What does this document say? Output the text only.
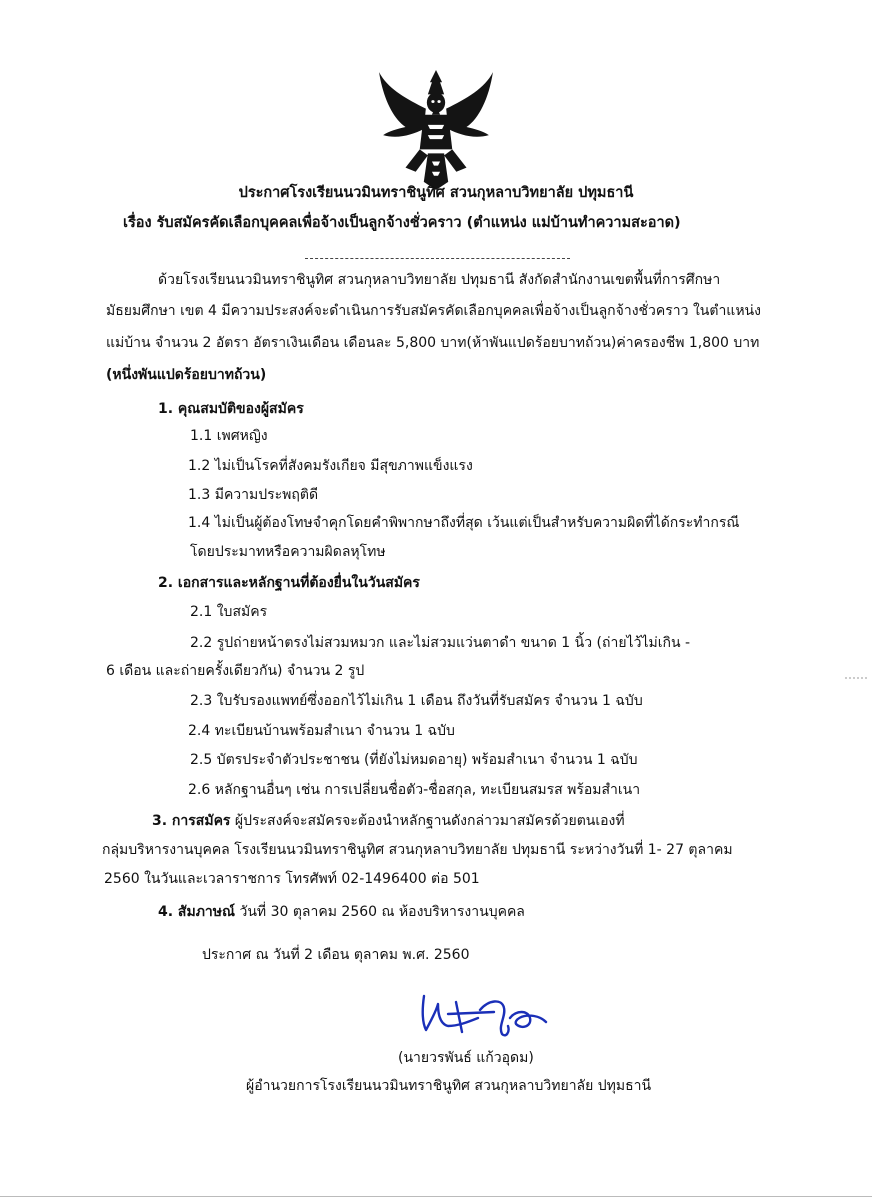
ประกาศโรงเรียนนวมินทราชินูทิศ สวนกุหลาบวิทยาลัย ปทุมธานี
เรื่อง รับสมัครคัดเลือกบุคคลเพื่อจ้างเป็นลูกจ้างชั่วคราว (ตำแหน่ง แม่บ้านทำความสะอาด)
ด้วยโรงเรียนนวมินทราชินูทิศ สวนกุหลาบวิทยาลัย ปทุมธานี สังกัดสำนักงานเขตพื้นที่การศึกษา
มัธยมศึกษา เขต 4 มีความประสงค์จะดำเนินการรับสมัครคัดเลือกบุคคลเพื่อจ้างเป็นลูกจ้างชั่วคราว ในตำแหน่ง
แม่บ้าน จำนวน 2 อัตรา อัตราเงินเดือน เดือนละ 5,800 บาท(ห้าพันแปดร้อยบาทถ้วน)ค่าครองชีพ 1,800 บาท
(หนึ่งพันแปดร้อยบาทถ้วน)
1. คุณสมบัติของผู้สมัคร
1.1 เพศหญิง
1.2 ไม่เป็นโรคที่สังคมรังเกียจ มีสุขภาพแข็งแรง
1.3 มีความประพฤติดี
1.4 ไม่เป็นผู้ต้องโทษจำคุกโดยคำพิพากษาถึงที่สุด เว้นแต่เป็นสำหรับความผิดที่ได้กระทำกรณี
โดยประมาทหรือความผิดลหุโทษ
2. เอกสารและหลักฐานที่ต้องยื่นในวันสมัคร
2.1 ใบสมัคร
2.2 รูปถ่ายหน้าตรงไม่สวมหมวก และไม่สวมแว่นตาดำ ขนาด 1 นิ้ว (ถ่ายไว้ไม่เกิน -
6 เดือน และถ่ายครั้งเดียวกัน) จำนวน 2 รูป
2.3 ใบรับรองแพทย์ซึ่งออกไว้ไม่เกิน 1 เดือน ถึงวันที่รับสมัคร จำนวน 1 ฉบับ
2.4 ทะเบียนบ้านพร้อมสำเนา จำนวน 1 ฉบับ
2.5 บัตรประจำตัวประชาชน (ที่ยังไม่หมดอายุ) พร้อมสำเนา จำนวน 1 ฉบับ
2.6 หลักฐานอื่นๆ เช่น การเปลี่ยนชื่อตัว-ชื่อสกุล, ทะเบียนสมรส พร้อมสำเนา
3. การสมัคร ผู้ประสงค์จะสมัครจะต้องนำหลักฐานดังกล่าวมาสมัครด้วยตนเองที่
กลุ่มบริหารงานบุคคล โรงเรียนนวมินทราชินูทิศ สวนกุหลาบวิทยาลัย ปทุมธานี ระหว่างวันที่ 1- 27 ตุลาคม
2560 ในวันและเวลาราชการ โทรศัพท์ 02-1496400 ต่อ 501
4. สัมภาษณ์ วันที่ 30 ตุลาคม 2560 ณ ห้องบริหารงานบุคคล
ประกาศ ณ วันที่ 2 เดือน ตุลาคม พ.ศ. 2560
(นายวรพันธ์ แก้วอุดม)
ผู้อำนวยการโรงเรียนนวมินทราชินูทิศ สวนกุหลาบวิทยาลัย ปทุมธานี
